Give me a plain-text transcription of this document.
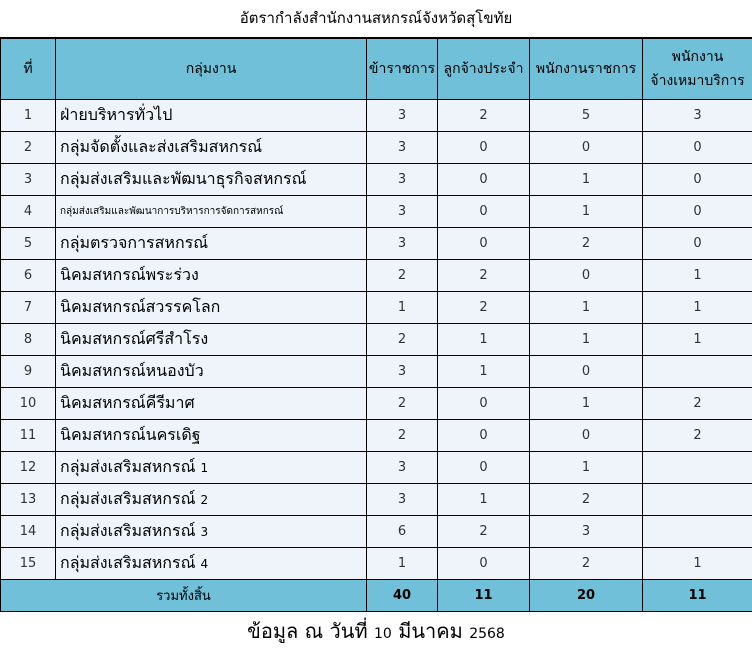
อัตรากำลังสำนักงานสหกรณ์จังหวัดสุโขทัย
ที่	กลุ่มงาน	ข้าราชการ	ลูกจ้างประจำ	พนักงานราชการ	พนักงาน
จ้างเหมาบริการ

1	ฝ่ายบริหารทั่วไป	3	2	5	3
2	กลุ่มจัดตั้งและส่งเสริมสหกรณ์	3	0	0	0
3	กลุ่มส่งเสริมและพัฒนาธุรกิจสหกรณ์	3	0	1	0
4	กลุ่มส่งเสริมและพัฒนาการบริหารการจัดการสหกรณ์	3	0	1	0
5	กลุ่มตรวจการสหกรณ์	3	0	2	0
6	นิคมสหกรณ์พระร่วง	2	2	0	1
7	นิคมสหกรณ์สวรรคโลก	1	2	1	1
8	นิคมสหกรณ์ศรีสำโรง	2	1	1	1
9	นิคมสหกรณ์หนองบัว	3	1	0	
10	นิคมสหกรณ์คีรีมาศ	2	0	1	2
11	นิคมสหกรณ์นครเดิฐ	2	0	0	2
12	กลุ่มส่งเสริมสหกรณ์ 1	3	0	1	
13	กลุ่มส่งเสริมสหกรณ์ 2	3	1	2	
14	กลุ่มส่งเสริมสหกรณ์ 3	6	2	3	
15	กลุ่มส่งเสริมสหกรณ์ 4	1	0	2	1
รวมทั้งสิ้น		40	11	20	11
ข้อมูล ณ วันที่ 10 มีนาคม 2568
